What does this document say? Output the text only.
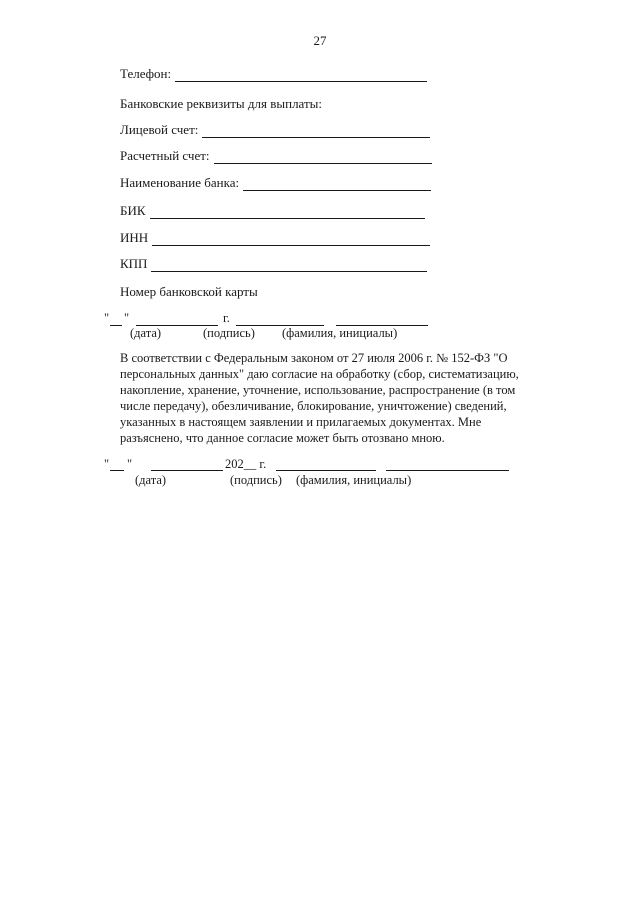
27
Телефон:
Банковские реквизиты для выплаты:
Лицевой счет:
Расчетный счет:
Наименование банка:
БИК
ИНН
КПП
Номер банковской карты
" "	г.
(дата)	(подпись) (фамилия, инициалы)
В соответствии с Федеральным законом от 27 июля 2006 г. № 152-ФЗ "О персональных данных" даю согласие на обработку (сбор, систематизацию, накопление, хранение, уточнение, использование, распространение (в том числе передачу), обезличивание, блокирование, уничтожение) сведений, указанных в настоящем заявлении и прилагаемых документах. Мне разъяснено, что данное согласие может быть отозвано мною.
" "	202__ г.
(дата)	(подпись) (фамилия, инициалы)
